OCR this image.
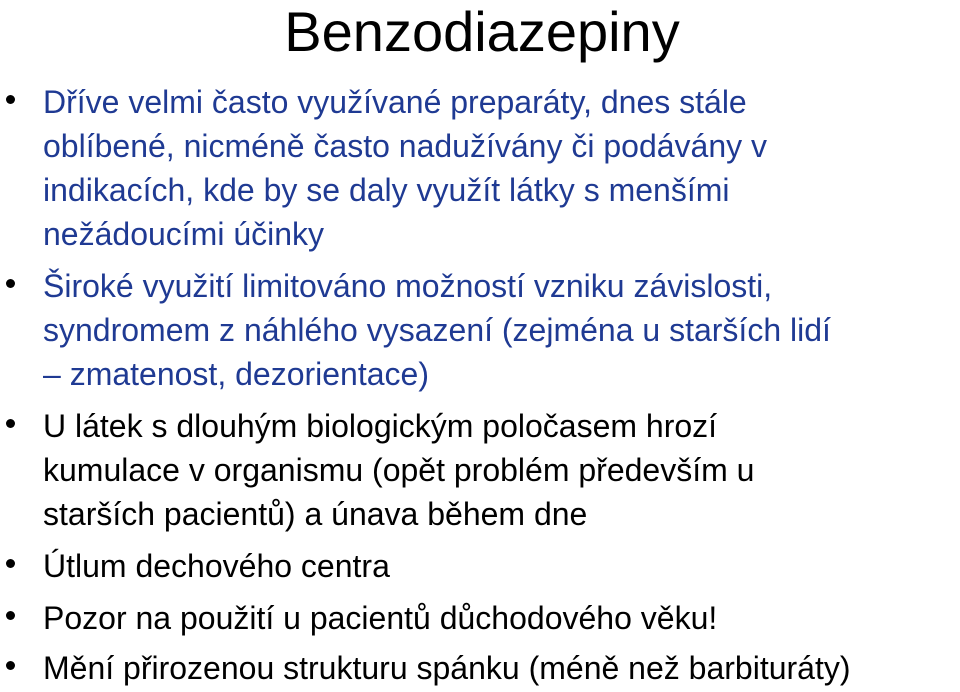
Benzodiazepiny
Dříve velmi často využívané preparáty, dnes stále
oblíbené, nicméně často nadužívány či podávány v
indikacích, kde by se daly využít látky s menšími
nežádoucími účinky
Široké využití limitováno možností vzniku závislosti,
syndromem z náhlého vysazení (zejména u starších lidí
– zmatenost, dezorientace)
U látek s dlouhým biologickým poločasem hrozí
kumulace v organismu (opět problém především u
starších pacientů) a únava během dne
Útlum dechového centra
Pozor na použití u pacientů důchodového věku!
Mění přirozenou strukturu spánku (méně než barbituráty)
